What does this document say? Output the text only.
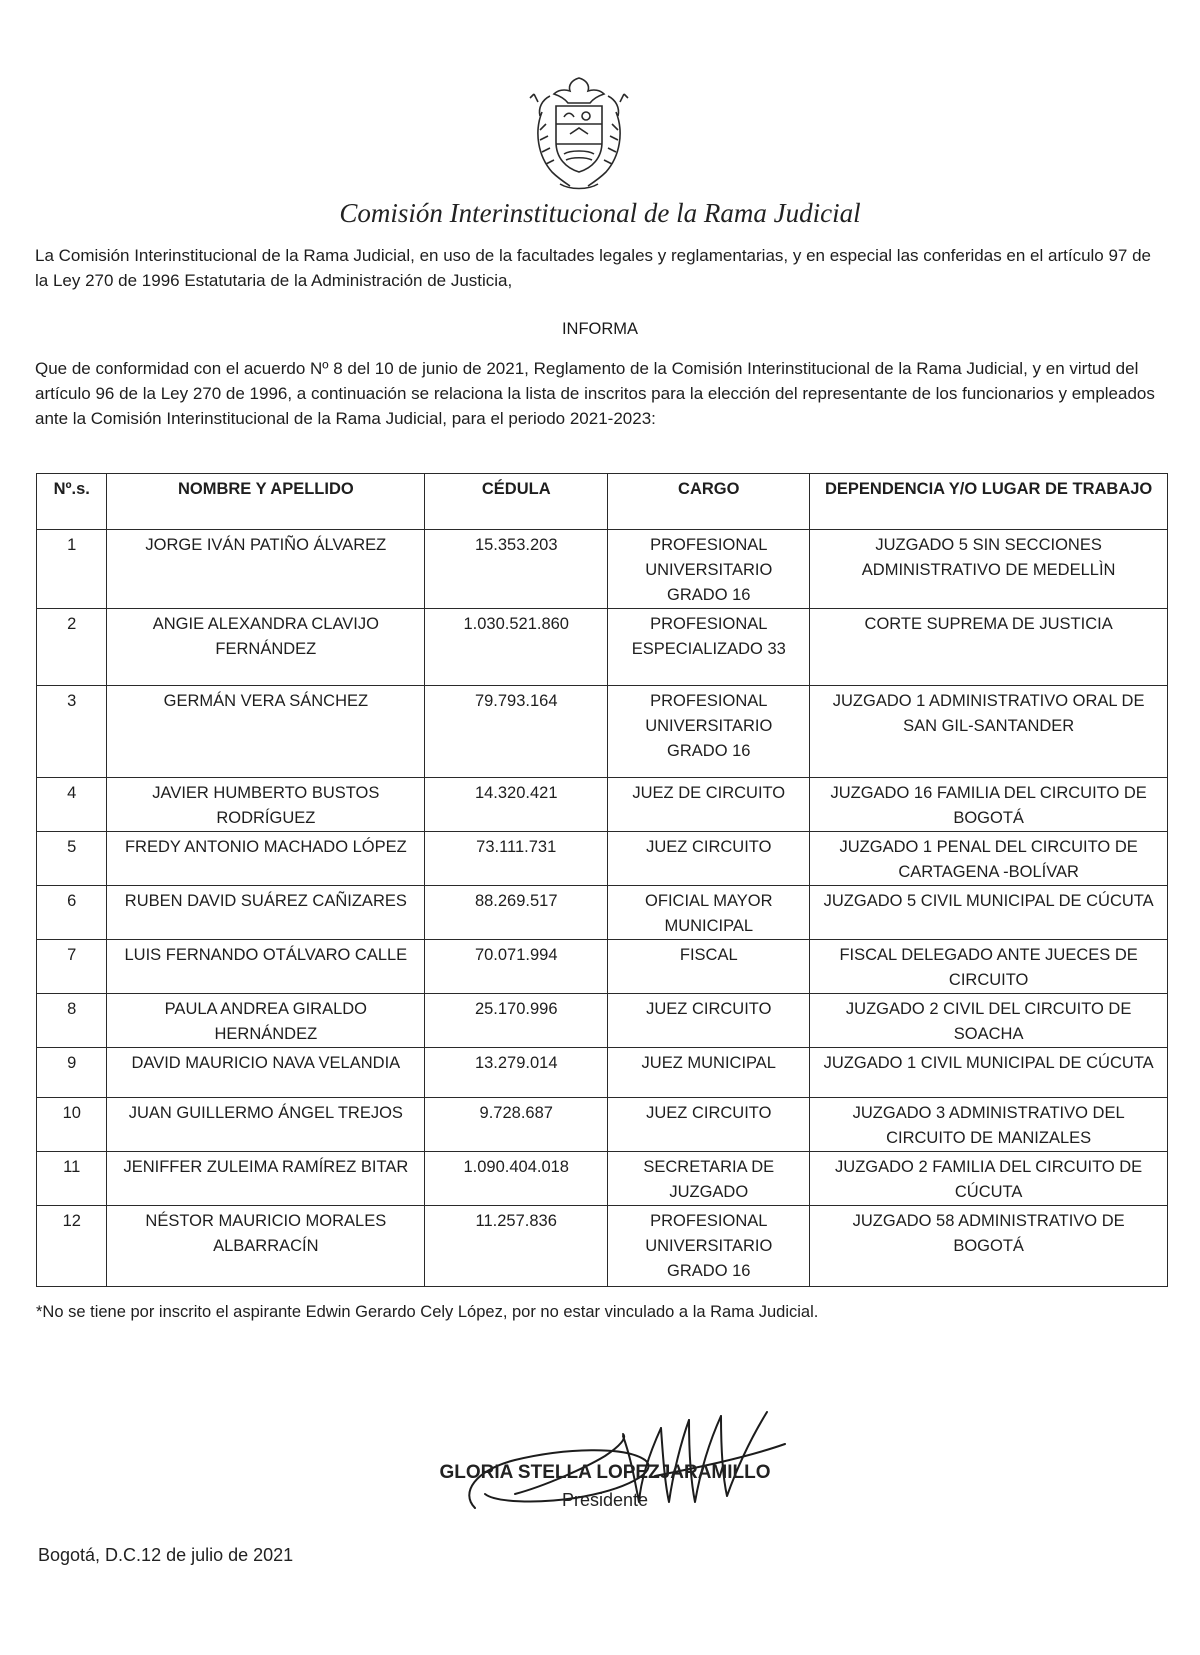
Comisión Interinstitucional de la Rama Judicial
La Comisión Interinstitucional de la Rama Judicial, en uso de la facultades legales y reglamentarias, y en especial las conferidas en el artículo 97 de la Ley 270 de 1996 Estatutaria de la Administración de Justicia,
INFORMA
Que de conformidad con el acuerdo Nº 8 del 10 de junio de 2021, Reglamento de la Comisión Interinstitucional de la Rama Judicial, y en virtud del artículo 96 de la Ley 270 de 1996, a continuación se relaciona la lista de inscritos para la elección del representante de los funcionarios y empleados ante la Comisión Interinstitucional de la Rama Judicial, para el periodo 2021-2023:
Nº.s.	NOMBRE Y APELLIDO	CÉDULA	CARGO	DEPENDENCIA Y/O LUGAR DE TRABAJO
1	JORGE IVÁN PATIÑO ÁLVAREZ	15.353.203	PROFESIONAL UNIVERSITARIO GRADO 16	JUZGADO 5 SIN SECCIONES ADMINISTRATIVO DE MEDELLÌN
2	ANGIE ALEXANDRA CLAVIJO FERNÁNDEZ	1.030.521.860	PROFESIONAL ESPECIALIZADO 33	CORTE SUPREMA DE JUSTICIA
3	GERMÁN VERA SÁNCHEZ	79.793.164	PROFESIONAL UNIVERSITARIO GRADO 16	JUZGADO 1 ADMINISTRATIVO ORAL DE SAN GIL-SANTANDER
4	JAVIER HUMBERTO BUSTOS RODRÍGUEZ	14.320.421	JUEZ DE CIRCUITO	JUZGADO 16 FAMILIA DEL CIRCUITO DE BOGOTÁ
5	FREDY ANTONIO MACHADO LÓPEZ	73.111.731	JUEZ CIRCUITO	JUZGADO 1 PENAL DEL CIRCUITO DE CARTAGENA -BOLÍVAR
6	RUBEN DAVID SUÁREZ CAÑIZARES	88.269.517	OFICIAL MAYOR MUNICIPAL	JUZGADO 5 CIVIL MUNICIPAL DE CÚCUTA
7	LUIS FERNANDO OTÁLVARO CALLE	70.071.994	FISCAL	FISCAL DELEGADO ANTE JUECES DE CIRCUITO
8	PAULA ANDREA GIRALDO HERNÁNDEZ	25.170.996	JUEZ CIRCUITO	JUZGADO 2 CIVIL DEL CIRCUITO DE SOACHA
9	DAVID MAURICIO NAVA VELANDIA	13.279.014	JUEZ MUNICIPAL	JUZGADO 1 CIVIL MUNICIPAL DE CÚCUTA
10	JUAN GUILLERMO ÁNGEL TREJOS	9.728.687	JUEZ CIRCUITO	JUZGADO 3 ADMINISTRATIVO DEL CIRCUITO DE MANIZALES
11	JENIFFER ZULEIMA RAMÍREZ BITAR	1.090.404.018	SECRETARIA DE JUZGADO	JUZGADO 2 FAMILIA DEL CIRCUITO DE CÚCUTA
12	NÉSTOR MAURICIO MORALES ALBARRACÍN	11.257.836	PROFESIONAL UNIVERSITARIO GRADO 16	JUZGADO 58 ADMINISTRATIVO DE BOGOTÁ
*No se tiene por inscrito el aspirante Edwin Gerardo Cely López, por no estar vinculado a la Rama Judicial.
GLORIA STELLA LOPEZJARAMILLO
Presidente
Bogotá, D.C.12 de julio de 2021
